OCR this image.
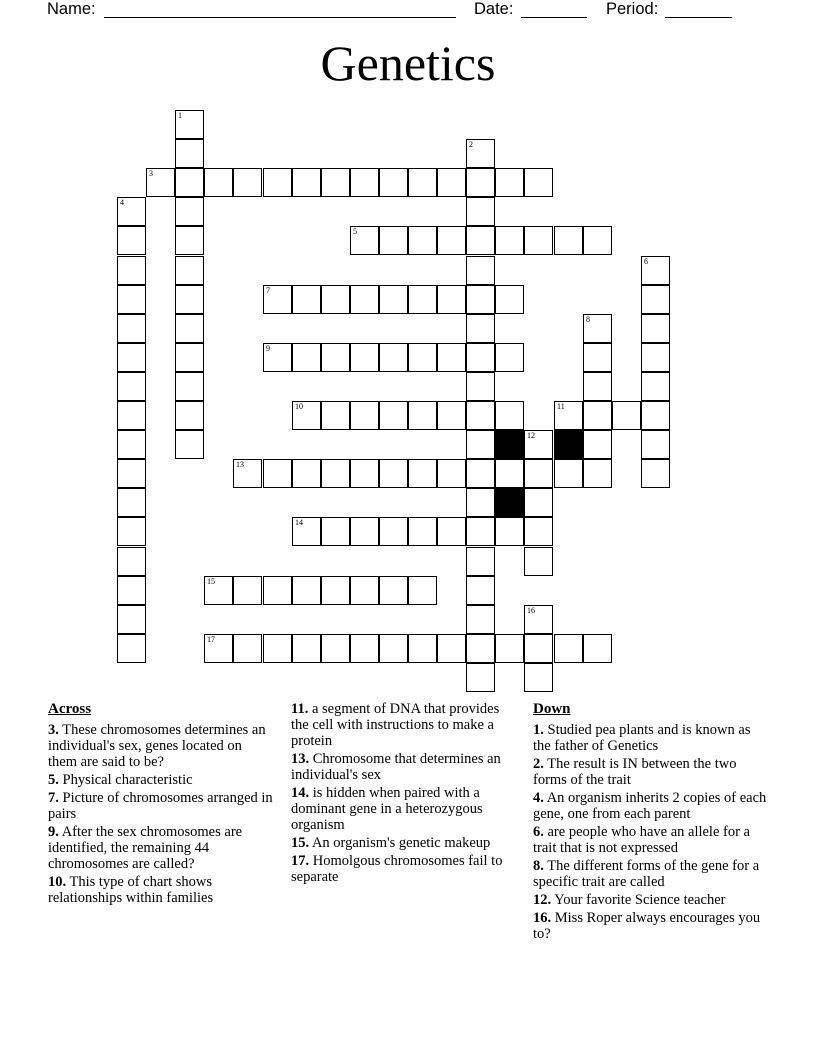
Name:	Date:	Period:
Genetics
1
2
3
4
5
6
7
8
9
10	11
12
13
14
15
16
17
Across
3. These chromosomes determines an individual's sex, genes located on them are said to be?
5. Physical characteristic
7. Picture of chromosomes arranged in pairs
9. After the sex chromosomes are identified, the remaining 44 chromosomes are called?
10. This type of chart shows relationships within families
11. a segment of DNA that provides the cell with instructions to make a protein
13. Chromosome that determines an individual's sex
14. is hidden when paired with a dominant gene in a heterozygous organism
15. An organism's genetic makeup
17. Homolgous chromosomes fail to separate
Down
1. Studied pea plants and is known as the father of Genetics
2. The result is IN between the two forms of the trait
4. An organism inherits 2 copies of each gene, one from each parent
6. are people who have an allele for a trait that is not expressed
8. The different forms of the gene for a specific trait are called
12. Your favorite Science teacher
16. Miss Roper always encourages you to?
